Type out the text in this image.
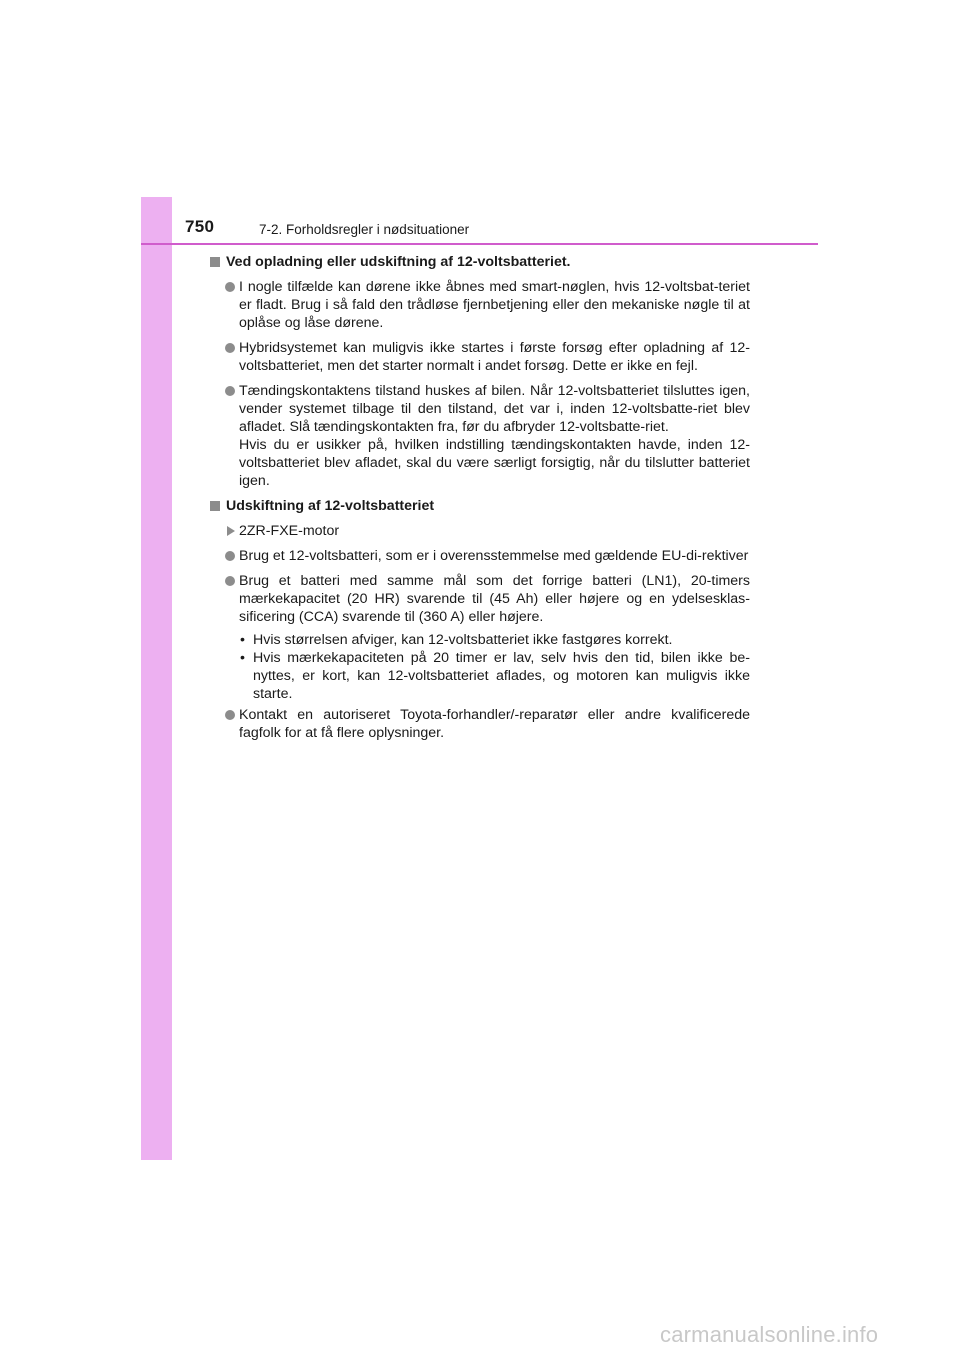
750	7-2. Forholdsregler i nødsituationer
Ved opladning eller udskiftning af 12-voltsbatteriet.

I nogle tilfælde kan dørene ikke åbnes med smart-nøglen, hvis 12-voltsbat-teriet er fladt. Brug i så fald den trådløse fjernbetjening eller den mekaniske nøgle til at oplåse og låse dørene.

Hybridsystemet kan muligvis ikke startes i første forsøg efter opladning af 12-voltsbatteriet, men det starter normalt i andet forsøg. Dette er ikke en fejl.

Tændingskontaktens tilstand huskes af bilen. Når 12-voltsbatteriet tilsluttes igen, vender systemet tilbage til den tilstand, det var i, inden 12-voltsbatte-riet blev afladet. Slå tændingskontakten fra, før du afbryder 12-voltsbatte-riet.

Hvis du er usikker på, hvilken indstilling tændingskontakten havde, inden 12-voltsbatteriet blev afladet, skal du være særligt forsigtig, når du tilslutter batteriet igen.

Udskiftning af 12-voltsbatteriet

2ZR-FXE-motor

Brug et 12-voltsbatteri, som er i overensstemmelse med gældende EU-di-rektiver

Brug et batteri med samme mål som det forrige batteri (LN1), 20-timers mærkekapacitet (20 HR) svarende til (45 Ah) eller højere og en ydelsesklas-sificering (CCA) svarende til (360 A) eller højere.

• Hvis størrelsen afviger, kan 12-voltsbatteriet ikke fastgøres korrekt.
• Hvis mærkekapaciteten på 20 timer er lav, selv hvis den tid, bilen ikke be-nyttes, er kort, kan 12-voltsbatteriet aflades, og motoren kan muligvis ikke starte.

Kontakt en autoriseret Toyota-forhandler/-reparatør eller andre kvalificerede fagfolk for at få flere oplysninger.

carmanualsonline.info
